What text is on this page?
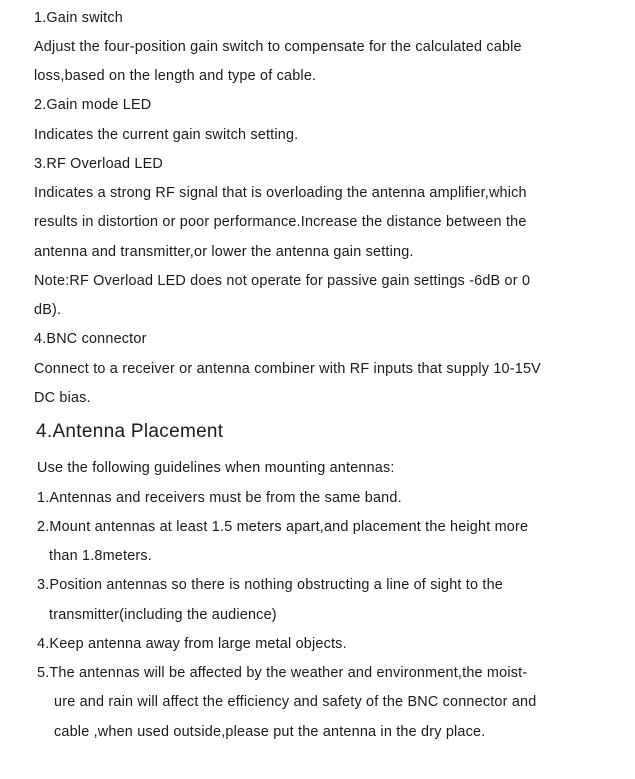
1.Gain switch
Adjust the four-position gain switch to compensate for the calculated cable
loss,based on the length and type of cable.
2.Gain mode LED
Indicates the current gain switch setting.
3.RF Overload LED
Indicates a strong RF signal that is overloading the antenna amplifier,which
results in distortion or poor performance.Increase the distance between the
antenna and transmitter,or lower the antenna gain setting.
Note:RF Overload LED does not operate for passive gain settings -6dB or 0
dB).
4.BNC connector
Connect to a receiver or antenna combiner with RF inputs that supply 10-15V
DC bias.
4.Antenna Placement
Use the following guidelines when mounting antennas:
1.Antennas and receivers must be from the same band.
2.Mount antennas at least 1.5 meters apart,and placement the height more
than 1.8meters.
3.Position antennas so there is nothing obstructing a line of sight to the
transmitter(including the audience)
4.Keep antenna away from large metal objects.
5.The antennas will be affected by the weather and environment,the moist-
ure and rain will affect the efficiency and safety of the BNC connector and
cable ,when used outside,please put the antenna in the dry place.
